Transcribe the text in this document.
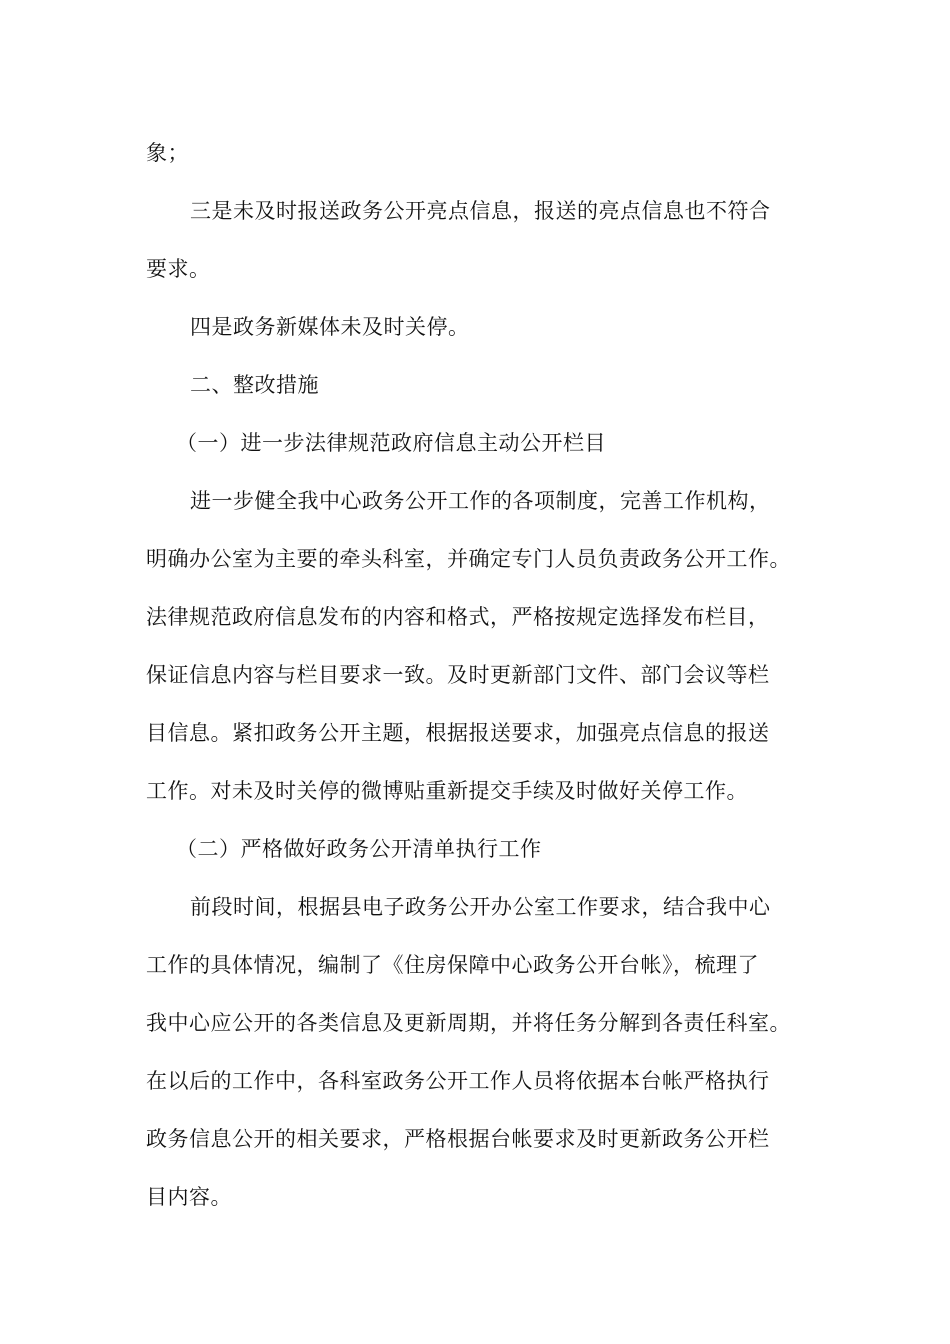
象；
三是未及时报送政务公开亮点信息，报送的亮点信息也不符合
要求。
四是政务新媒体未及时关停。
二、整改措施
（一）进一步法律规范政府信息主动公开栏目
进一步健全我中心政务公开工作的各项制度，完善工作机构，
明确办公室为主要的牵头科室，并确定专门人员负责政务公开工作。
法律规范政府信息发布的内容和格式，严格按规定选择发布栏目，
保证信息内容与栏目要求一致。及时更新部门文件、部门会议等栏
目信息。紧扣政务公开主题，根据报送要求，加强亮点信息的报送
工作。对未及时关停的微博贴重新提交手续及时做好关停工作。
（二）严格做好政务公开清单执行工作
前段时间，根据县电子政务公开办公室工作要求，结合我中心
工作的具体情况，编制了《住房保障中心政务公开台帐》，梳理了
我中心应公开的各类信息及更新周期，并将任务分解到各责任科室。
在以后的工作中，各科室政务公开工作人员将依据本台帐严格执行
政务信息公开的相关要求，严格根据台帐要求及时更新政务公开栏
目内容。
